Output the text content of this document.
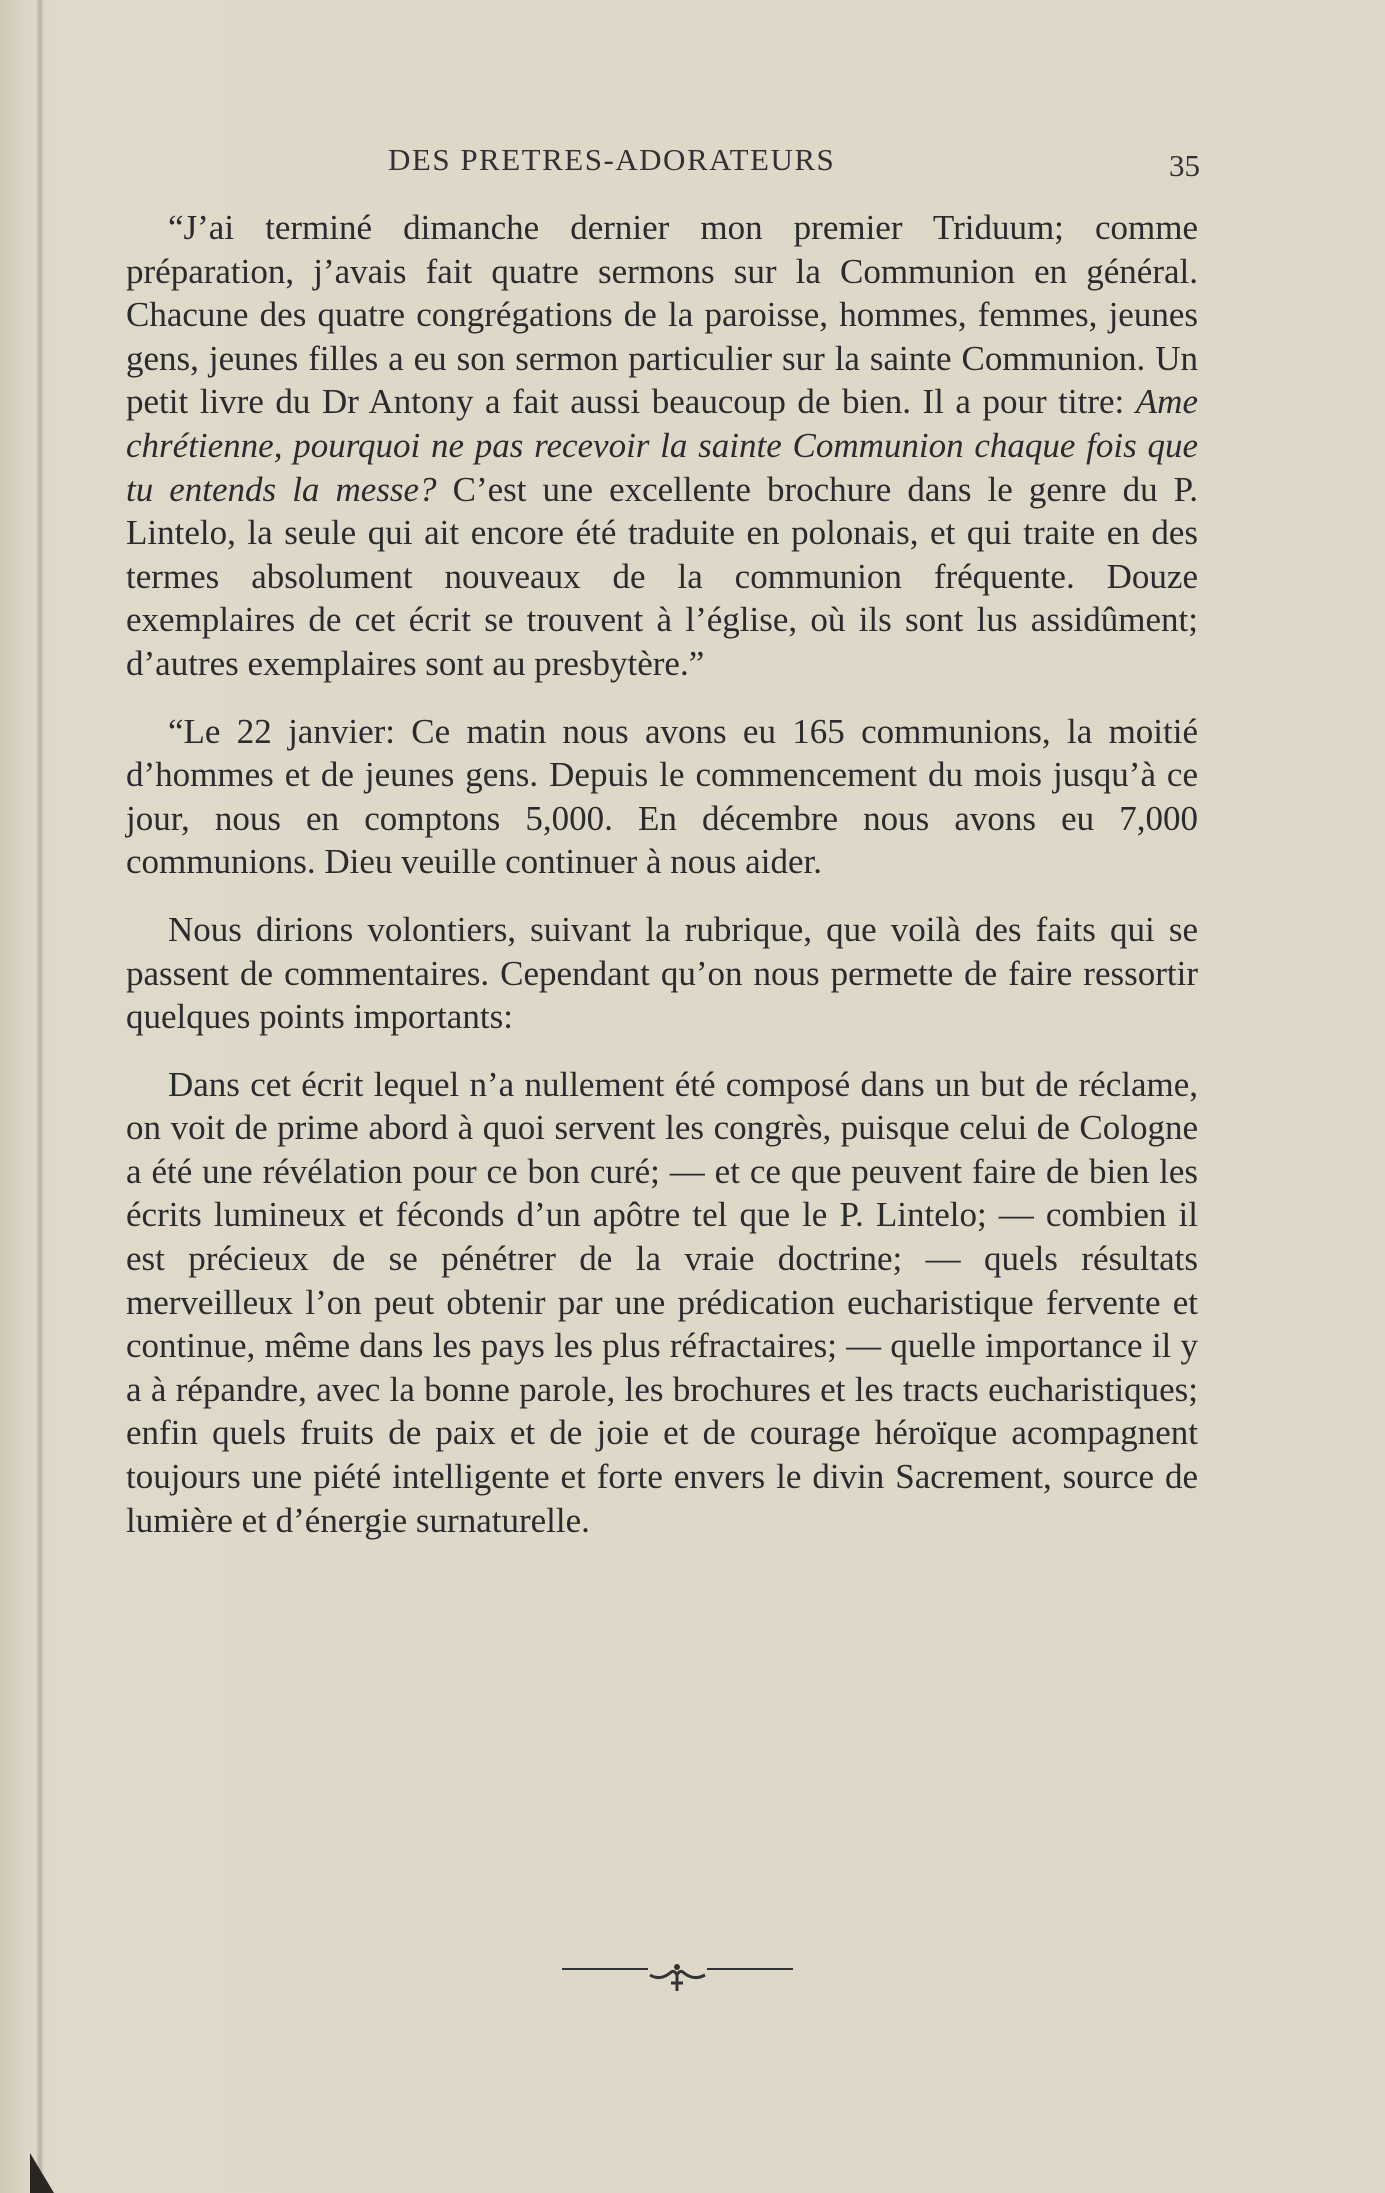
DES PRETRES-ADORATEURS	35

“J’ai terminé dimanche dernier mon premier Triduum; comme préparation, j’avais fait quatre sermons sur la Communion en général. Chacune des quatre congrégations de la paroisse, hommes, femmes, jeunes gens, jeunes filles a eu son sermon particulier sur la sainte Communion. Un petit livre du Dr Antony a fait aussi beaucoup de bien. Il a pour titre: Ame chrétienne, pourquoi ne pas recevoir la sainte Communion chaque fois que tu entends la messe? C’est une excellente brochure dans le genre du P. Lintelo, la seule qui ait encore été traduite en polonais, et qui traite en des termes absolument nouveaux de la communion fréquente. Douze exemplaires de cet écrit se trouvent à l’église, où ils sont lus assidûment; d’autres exemplaires sont au presbytère.”

“Le 22 janvier: Ce matin nous avons eu 165 communions, la moitié d’hommes et de jeunes gens. Depuis le commencement du mois jusqu’à ce jour, nous en comptons 5,000. En décembre nous avons eu 7,000 communions. Dieu veuille continuer à nous aider.

Nous dirions volontiers, suivant la rubrique, que voilà des faits qui se passent de commentaires. Cependant qu’on nous permette de faire ressortir quelques points importants:

Dans cet écrit lequel n’a nullement été composé dans un but de réclame, on voit de prime abord à quoi servent les congrès, puisque celui de Cologne a été une révélation pour ce bon curé; — et ce que peuvent faire de bien les écrits lumineux et féconds d’un apôtre tel que le P. Lintelo; — combien il est précieux de se pénétrer de la vraie doctrine; — quels résultats merveilleux l’on peut obtenir par une prédication eucharistique fervente et continue, même dans les pays les plus réfractaires; — quelle importance il y a à répandre, avec la bonne parole, les brochures et les tracts eucharistiques; enfin quels fruits de paix et de joie et de courage héroïque acompagnent toujours une piété intelligente et forte envers le divin Sacrement, source de lumière et d’énergie surnaturelle.
